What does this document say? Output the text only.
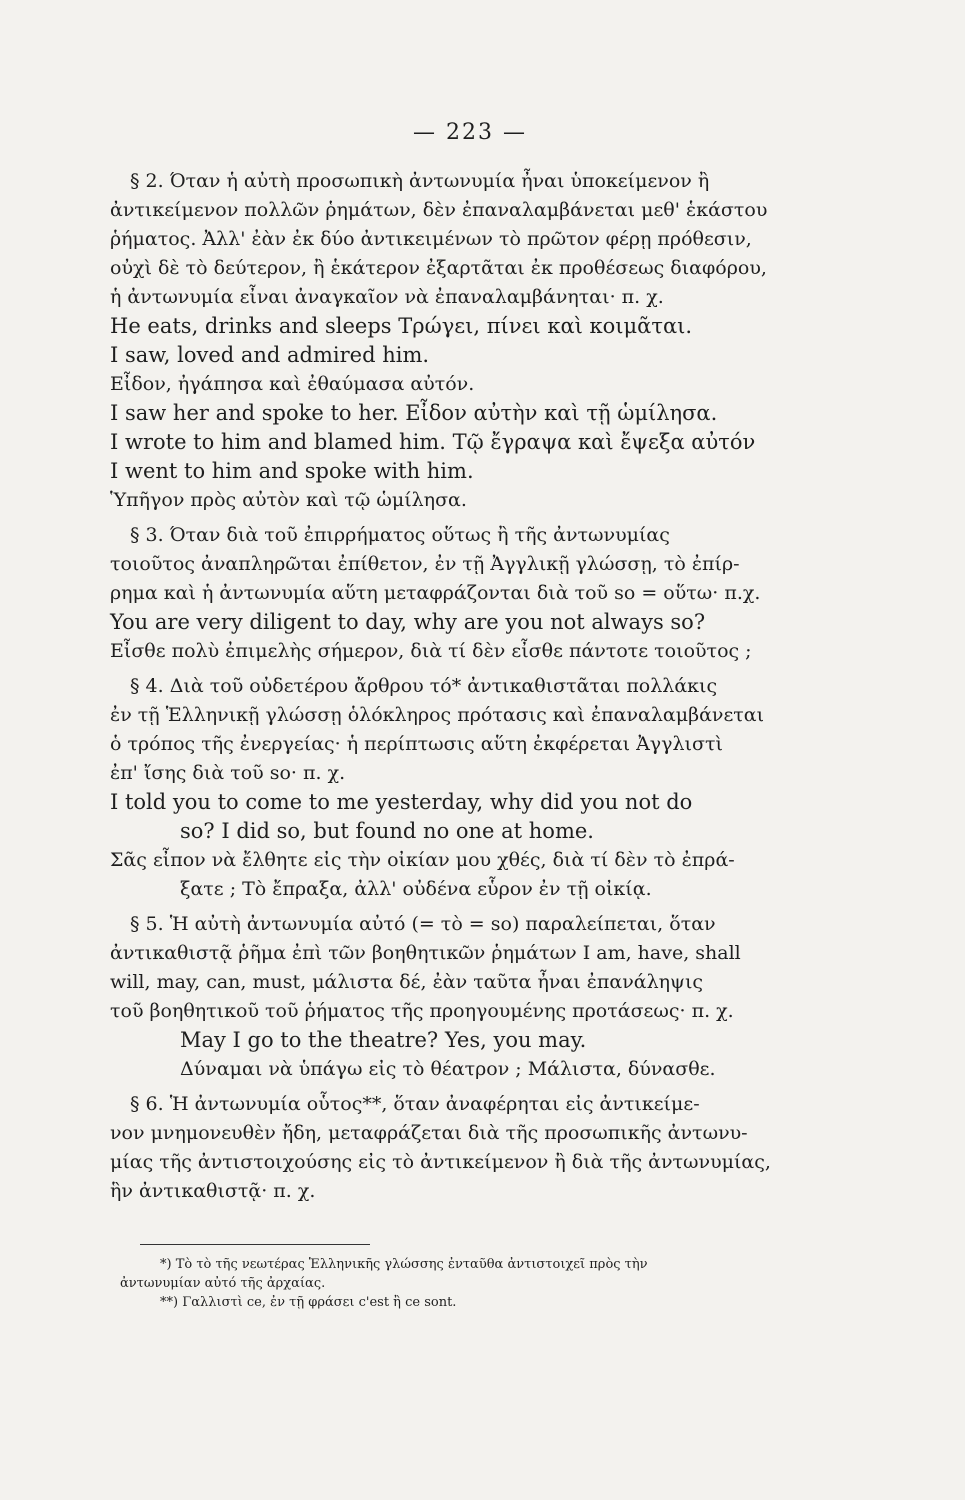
— 223 —
§ 2. Όταν ἡ αὐτὴ προσωπικὴ ἀντωνυμία ἦναι ὑποκείμενον ἢ
ἀντικείμενον πολλῶν ῥημάτων, δὲν ἐπαναλαμβάνεται μεθ' ἑκάστου
ῥήματος. Ἀλλ' ἐὰν ἐκ δύο ἀντικειμένων τὸ πρῶτον φέρῃ πρόθεσιν,
οὐχὶ δὲ τὸ δεύτερον, ἢ ἑκάτερον ἐξαρτᾶται ἐκ προθέσεως διαφόρου,
ἡ ἀντωνυμία εἶναι ἀναγκαῖον νὰ ἐπαναλαμβάνηται· π. χ.
He eats, drinks and sleeps Τρώγει, πίνει καὶ κοιμᾶται.
I saw, loved and admired him.
Εἶδον, ἠγάπησα καὶ ἐθαύμασα αὐτόν.
I saw her and spoke to her. Εἶδον αὐτὴν καὶ τῇ ὡμίλησα.
I wrote to him and blamed him. Τῷ ἔγραψα καὶ ἔψεξα αὐτόν
I went to him and spoke with him.
Ὑπῆγον πρὸς αὐτὸν καὶ τῷ ὡμίλησα.
§ 3. Όταν διὰ τοῦ ἐπιρρήματος οὕτως ἢ τῆς ἀντωνυμίας
τοιοῦτος ἀναπληρῶται ἐπίθετον, ἐν τῇ Ἀγγλικῇ γλώσσῃ, τὸ ἐπίρ-
ρημα καὶ ἡ ἀντωνυμία αὕτη μεταφράζονται διὰ τοῦ so = οὕτω· π.χ.
You are very diligent to day, why are you not always so?
Εἶσθε πολὺ ἐπιμελὴς σήμερον, διὰ τί δὲν εἶσθε πάντοτε τοιοῦτος ;
§ 4. Διὰ τοῦ οὐδετέρου ἄρθρου τό* ἀντικαθιστᾶται πολλάκις
ἐν τῇ Ἑλληνικῇ γλώσσῃ ὁλόκληρος πρότασις καὶ ἐπαναλαμβάνεται
ὁ τρόπος τῆς ἐνεργείας· ἡ περίπτωσις αὕτη ἐκφέρεται Ἀγγλιστὶ
ἐπ' ἴσης διὰ τοῦ so· π. χ.
I told you to come to me yesterday, why did you not do
so? I did so, but found no one at home.
Σᾶς εἶπον νὰ ἔλθητε εἰς τὴν οἰκίαν μου χθές, διὰ τί δὲν τὸ ἐπρά-
ξατε ; Τὸ ἔπραξα, ἀλλ' οὐδένα εὗρον ἐν τῇ οἰκίᾳ.
§ 5. Ἡ αὐτὴ ἀντωνυμία αὐτό (= τὸ = so) παραλείπεται, ὅταν
ἀντικαθιστᾷ ῥῆμα ἐπὶ τῶν βοηθητικῶν ῥημάτων I am, have, shall
will, may, can, must, μάλιστα δέ, ἐὰν ταῦτα ἦναι ἐπανάληψις
τοῦ βοηθητικοῦ τοῦ ῥήματος τῆς προηγουμένης προτάσεως· π. χ.
May I go to the theatre? Yes, you may.
Δύναμαι νὰ ὑπάγω εἰς τὸ θέατρον ; Μάλιστα, δύνασθε.
§ 6. Ἡ ἀντωνυμία οὗτος**, ὅταν ἀναφέρηται εἰς ἀντικείμε-
νον μνημονευθὲν ἤδη, μεταφράζεται διὰ τῆς προσωπικῆς ἀντωνυ-
μίας τῆς ἀντιστοιχούσης εἰς τὸ ἀντικείμενον ἢ διὰ τῆς ἀντωνυμίας,
ἣν ἀντικαθιστᾷ· π. χ.
*) Τὸ τὸ τῆς νεωτέρας Ἑλληνικῆς γλώσσης ἐνταῦθα ἀντιστοιχεῖ πρὸς τὴν
ἀντωνυμίαν αὐτό τῆς ἀρχαίας.
**) Γαλλιστὶ ce, ἐν τῇ φράσει c'est ἢ ce sont.
